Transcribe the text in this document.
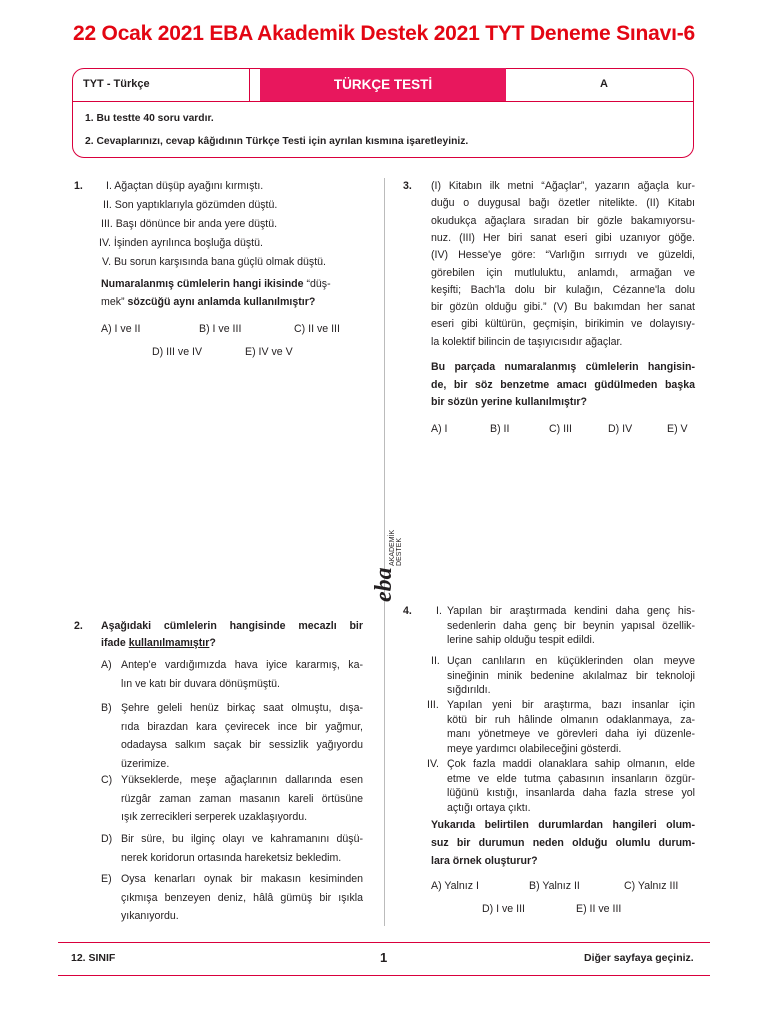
22 Ocak 2021 EBA Akademik Destek 2021 TYT Deneme Sınavı-6
TYT - Türkçe	TÜRKÇE TESTİ	A
1. Bu testte 40 soru vardır.
2. Cevaplarınızı, cevap kâğıdının Türkçe Testi için ayrılan kısmına işaretleyiniz.
1. I. Ağaçtan düşüp ayağını kırmıştı.
II. Son yaptıklarıyla gözümden düştü.
III. Başı dönünce bir anda yere düştü.
IV. İşinden ayrılınca boşluğa düştü.
V. Bu sorun karşısında bana güçlü olmak düştü.
Numaralanmış cümlelerin hangi ikisinde “düş-
mek” sözcüğü aynı anlamda kullanılmıştır?
A) I ve II	B) I ve III	C) II ve III
D) III ve IV	E) IV ve V
3. (I) Kitabın ilk metni “Ağaçlar”, yazarın ağaçla kur-
duğu o duygusal bağı özetler nitelikte. (II) Kitabı
okudukça ağaçlara sıradan bir gözle bakamıyorsu-
nuz. (III) Her biri sanat eseri gibi uzanıyor göğe.
(IV) Hesse'ye göre: “Varlığın sırrıydı ve güzeldi,
görebilen için mutluluktu, anlamdı, armağan ve
keşifti; Bach'la dolu bir kulağın, Cézanne'la dolu
bir gözün olduğu gibi.” (V) Bu bakımdan her sanat
eseri gibi kültürün, geçmişin, birikimin ve dolayısıy-
la kolektif bilincin de taşıyıcısıdır ağaçlar.
Bu parçada numaralanmış cümlelerin hangisin-
de, bir söz benzetme amacı güdülmeden başka
bir sözün yerine kullanılmıştır?
A) I	B) II	C) III	D) IV	E) V
eba
AKADEMİK DESTEK
2. Aşağıdaki cümlelerin hangisinde mecazlı bir
ifade kullanılmamıştır?
A) Antep'e vardığımızda hava iyice kararmış, ka-
lın ve katı bir duvara dönüşmüştü.
B) Şehre geleli henüz birkaç saat olmuştu, dışa-
rıda birazdan kara çevirecek ince bir yağmur,
odadaysa salkım saçak bir sessizlik yağıyordu
üzerimize.
C) Yükseklerde, meşe ağaçlarının dallarında esen
rüzgâr zaman zaman masanın kareli örtüsüne
ışık zerrecikleri serperek uzaklaşıyordu.
D) Bir süre, bu ilginç olayı ve kahramanını düşü-
nerek koridorun ortasında hareketsiz bekledim.
E) Oysa kenarları oynak bir makasın kesiminden
çıkmışa benzeyen deniz, hâlâ gümüş bir ışıkla
yıkanıyordu.
4. I. Yapılan bir araştırmada kendini daha genç his-
sedenlerin daha genç bir beynin yapısal özellik-
lerine sahip olduğu tespit edildi.
II. Uçan canlıların en küçüklerinden olan meyve
sineğinin minik bedenine akılalmaz bir teknoloji
sığdırıldı.
III. Yapılan yeni bir araştırma, bazı insanlar için
kötü bir ruh hâlinde olmanın odaklanmaya, za-
manı yönetmeye ve görevleri daha iyi düzenle-
meye yardımcı olabileceğini gösterdi.
IV. Çok fazla maddi olanaklara sahip olmanın, elde
etme ve elde tutma çabasının insanların özgür-
lüğünü kıstığı, insanlarda daha fazla strese yol
açtığı ortaya çıktı.
Yukarıda belirtilen durumlardan hangileri olum-
suz bir durumun neden olduğu olumlu durum-
lara örnek oluşturur?
A) Yalnız I	B) Yalnız II	C) Yalnız III
D) I ve III	E) II ve III
12. SINIF	1	Diğer sayfaya geçiniz.
